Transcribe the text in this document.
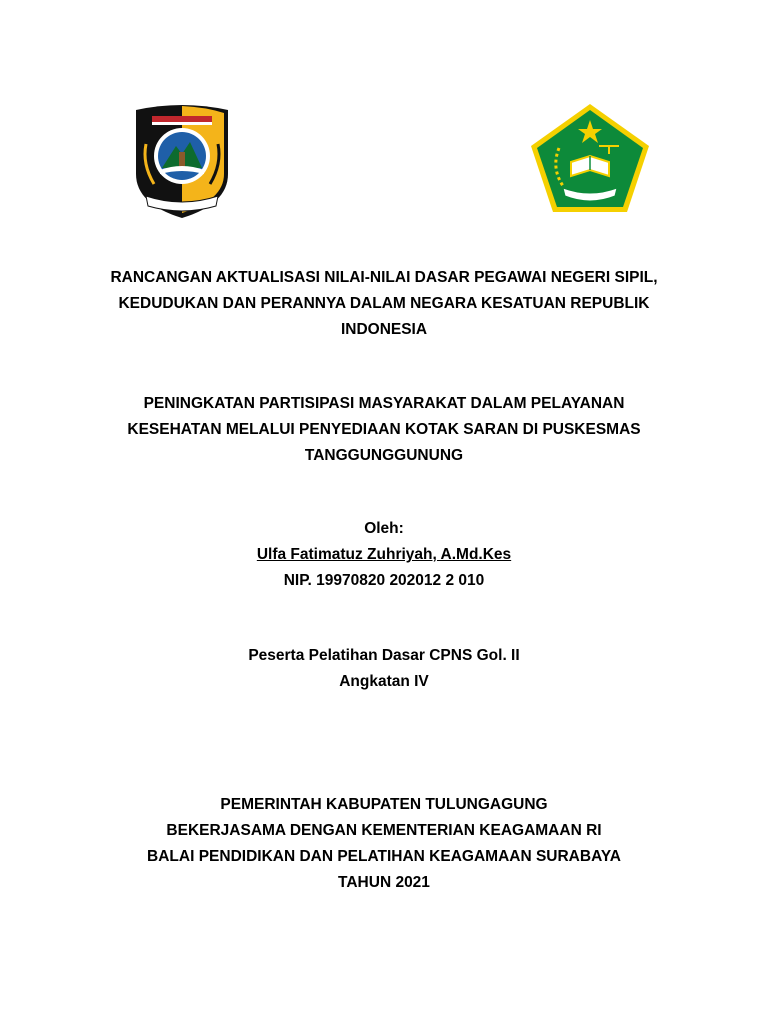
RANCANGAN AKTUALISASI NILAI-NILAI DASAR PEGAWAI NEGERI SIPIL,
KEDUDUKAN DAN PERANNYA DALAM NEGARA KESATUAN REPUBLIK
INDONESIA
PENINGKATAN PARTISIPASI MASYARAKAT DALAM PELAYANAN
KESEHATAN MELALUI PENYEDIAAN KOTAK SARAN DI PUSKESMAS
TANGGUNGGUNUNG
Oleh:
Ulfa Fatimatuz Zuhriyah, A.Md.Kes
NIP. 19970820 202012 2 010
Peserta Pelatihan Dasar CPNS Gol. II
Angkatan IV
PEMERINTAH KABUPATEN TULUNGAGUNG
BEKERJASAMA DENGAN KEMENTERIAN KEAGAMAAN RI
BALAI PENDIDIKAN DAN PELATIHAN KEAGAMAAN SURABAYA
TAHUN 2021
